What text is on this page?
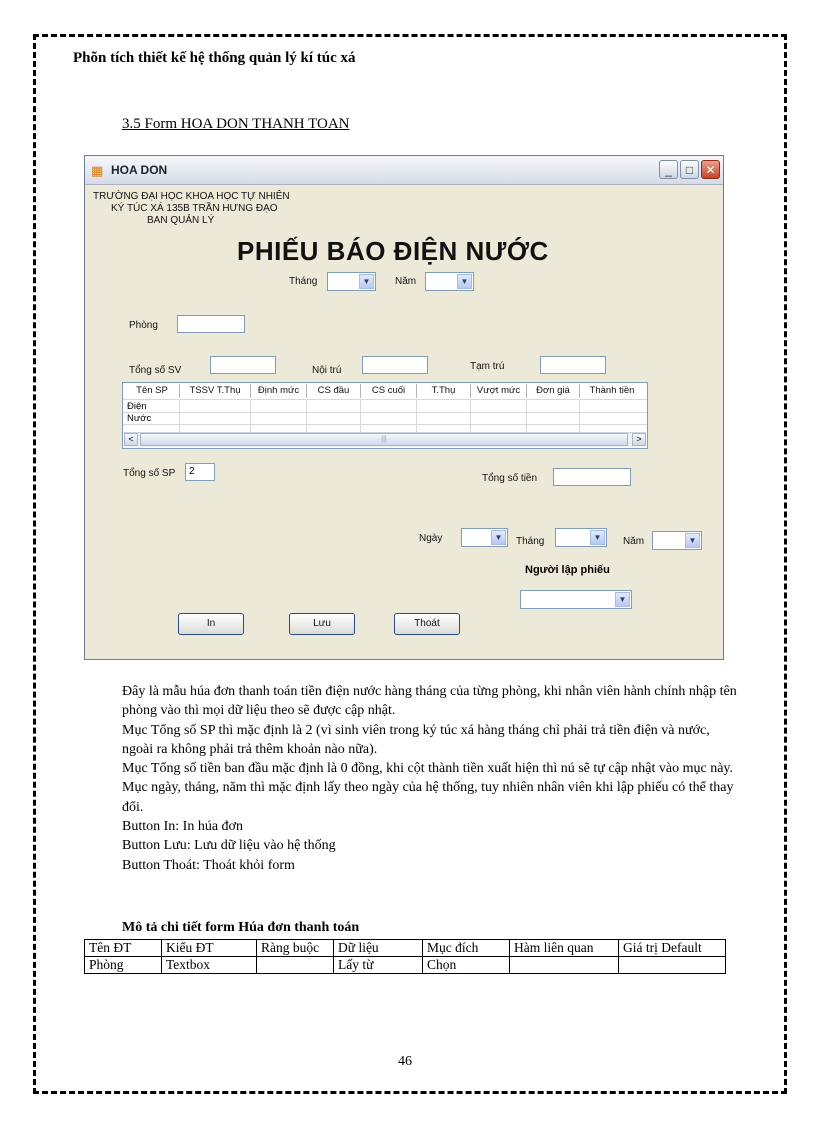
Phõn tích thiết kế hệ thống quản lý kí túc xá
3.5 Form HOA DON THANH TOAN
▦ HOA DON	_	□	✕
TRƯỜNG ĐẠI HỌC KHOA HỌC TỰ NHIÊN
KÝ TÚC XÁ 135B TRẦN HƯNG ĐẠO
BAN QUẢN LÝ
PHIẾU BÁO ĐIỆN NƯỚC
Tháng	▼	Năm	▼
Phòng
Tổng số SV	Nội trú	Tạm trú
Tên SP	TSSV T.Thụ	Định mức	CS đầu	CS cuối	T.Thụ	Vượt mức	Đơn giá	Thành tiền
Điện
Nước
<	|||	>
Tổng số SP	2
Tổng số tiền
Ngày	▼	Tháng	▼	Năm	▼
Người lập phiếu
▼
In	Lưu	Thoát

Đây là mẫu húa đơn thanh toán tiền điện nước hàng tháng của từng phòng, khi nhân viên hành chính nhập tên phòng vào thì mọi dữ liệu theo sẽ được cập nhật.

Mục Tổng số SP thì mặc định là 2 (vì sinh viên trong ký túc xá hàng tháng chỉ phải trả tiền điện và nước, ngoài ra không phải trả thêm khoản nào nữa).

Mục Tổng số tiền ban đầu mặc định là 0 đồng, khi cột thành tiền xuất hiện thì nú sẽ tự cập nhật vào mục này.

Mục ngày, tháng, năm thì mặc định lấy theo ngày của hệ thống, tuy nhiên nhân viên khi lập phiếu có thể thay đổi.

Button In: In húa đơn

Button Lưu: Lưu dữ liệu vào hệ thống

Button Thoát: Thoát khỏi form

Mô tả chi tiết form Húa đơn thanh toán
Tên ĐT	Kiểu ĐT	Ràng buộc	Dữ liệu	Mục đích	Hàm liên quan	Giá trị Default
Phòng	Textbox		Lấy từ	Chọn		
46
